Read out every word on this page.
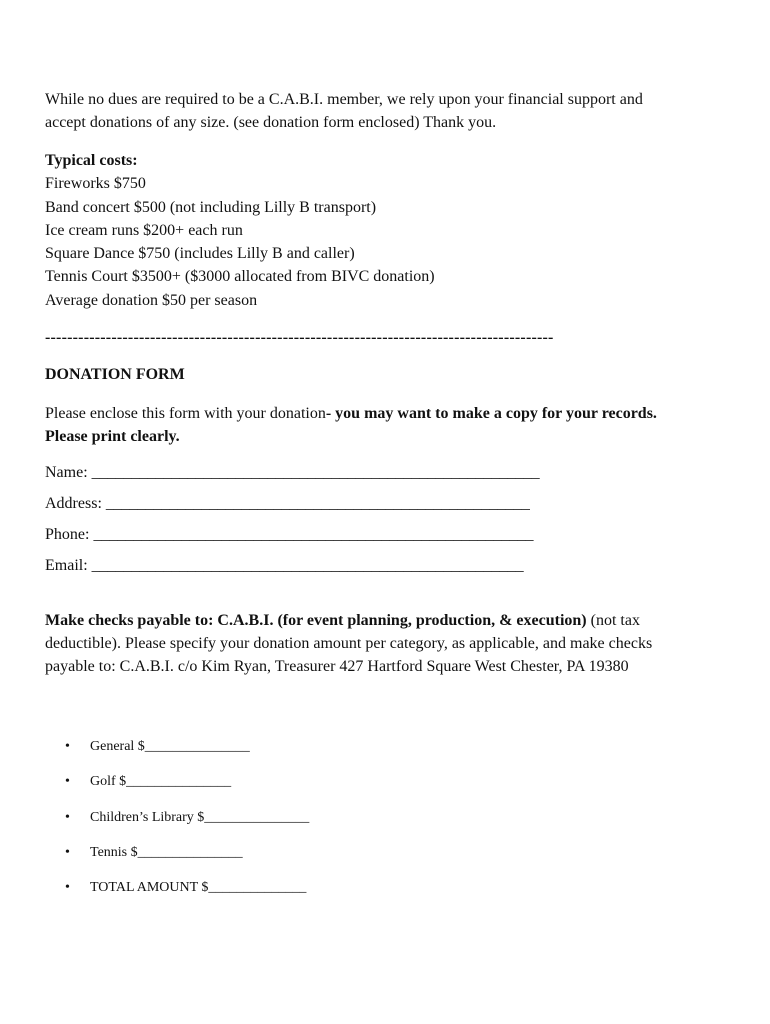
While no dues are required to be a C.A.B.I. member, we rely upon your financial support and
accept donations of any size. (see donation form enclosed) Thank you.

Typical costs:
Fireworks $750
Band concert $500 (not including Lilly B transport)
Ice cream runs $200+ each run
Square Dance $750 (includes Lilly B and caller)
Tennis Court $3500+ ($3000 allocated from BIVC donation)
Average donation $50 per season
--------------------------------------------------------------------------------------------
DONATION FORM
Please enclose this form with your donation- you may want to make a copy for your records.
Please print clearly.
Name: ________________________________________________________
Address: _____________________________________________________
Phone: _______________________________________________________
Email: ______________________________________________________
Make checks payable to: C.A.B.I. (for event planning, production, & execution) (not tax
deductible). Please specify your donation amount per category, as applicable, and make checks
payable to: C.A.B.I. c/o Kim Ryan, Treasurer 427 Hartford Square West Chester, PA 19380
• General $_______________
• Golf $_______________
• Children’s Library $_______________
• Tennis $_______________
• TOTAL AMOUNT $______________
